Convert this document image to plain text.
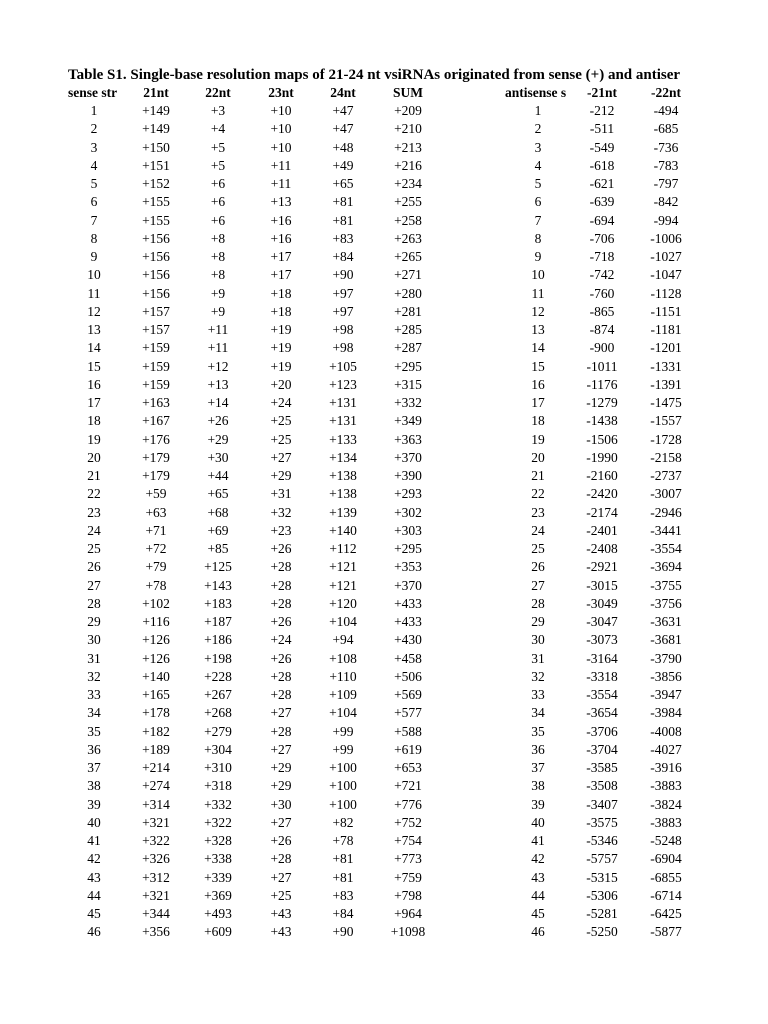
Table S1. Single-base resolution maps of 21-24 nt vsiRNAs originated from sense (+) and antiser
sense str	21nt	22nt	23nt	24nt	SUM	antisense s	-21nt	-22nt
1	+149	+3	+10	+47	+209	1	-212	-494
2	+149	+4	+10	+47	+210	2	-511	-685
3	+150	+5	+10	+48	+213	3	-549	-736
4	+151	+5	+11	+49	+216	4	-618	-783
5	+152	+6	+11	+65	+234	5	-621	-797
6	+155	+6	+13	+81	+255	6	-639	-842
7	+155	+6	+16	+81	+258	7	-694	-994
8	+156	+8	+16	+83	+263	8	-706	-1006
9	+156	+8	+17	+84	+265	9	-718	-1027
10	+156	+8	+17	+90	+271	10	-742	-1047
11	+156	+9	+18	+97	+280	11	-760	-1128
12	+157	+9	+18	+97	+281	12	-865	-1151
13	+157	+11	+19	+98	+285	13	-874	-1181
14	+159	+11	+19	+98	+287	14	-900	-1201
15	+159	+12	+19	+105	+295	15	-1011	-1331
16	+159	+13	+20	+123	+315	16	-1176	-1391
17	+163	+14	+24	+131	+332	17	-1279	-1475
18	+167	+26	+25	+131	+349	18	-1438	-1557
19	+176	+29	+25	+133	+363	19	-1506	-1728
20	+179	+30	+27	+134	+370	20	-1990	-2158
21	+179	+44	+29	+138	+390	21	-2160	-2737
22	+59	+65	+31	+138	+293	22	-2420	-3007
23	+63	+68	+32	+139	+302	23	-2174	-2946
24	+71	+69	+23	+140	+303	24	-2401	-3441
25	+72	+85	+26	+112	+295	25	-2408	-3554
26	+79	+125	+28	+121	+353	26	-2921	-3694
27	+78	+143	+28	+121	+370	27	-3015	-3755
28	+102	+183	+28	+120	+433	28	-3049	-3756
29	+116	+187	+26	+104	+433	29	-3047	-3631
30	+126	+186	+24	+94	+430	30	-3073	-3681
31	+126	+198	+26	+108	+458	31	-3164	-3790
32	+140	+228	+28	+110	+506	32	-3318	-3856
33	+165	+267	+28	+109	+569	33	-3554	-3947
34	+178	+268	+27	+104	+577	34	-3654	-3984
35	+182	+279	+28	+99	+588	35	-3706	-4008
36	+189	+304	+27	+99	+619	36	-3704	-4027
37	+214	+310	+29	+100	+653	37	-3585	-3916
38	+274	+318	+29	+100	+721	38	-3508	-3883
39	+314	+332	+30	+100	+776	39	-3407	-3824
40	+321	+322	+27	+82	+752	40	-3575	-3883
41	+322	+328	+26	+78	+754	41	-5346	-5248
42	+326	+338	+28	+81	+773	42	-5757	-6904
43	+312	+339	+27	+81	+759	43	-5315	-6855
44	+321	+369	+25	+83	+798	44	-5306	-6714
45	+344	+493	+43	+84	+964	45	-5281	-6425
46	+356	+609	+43	+90	+1098	46	-5250	-5877
